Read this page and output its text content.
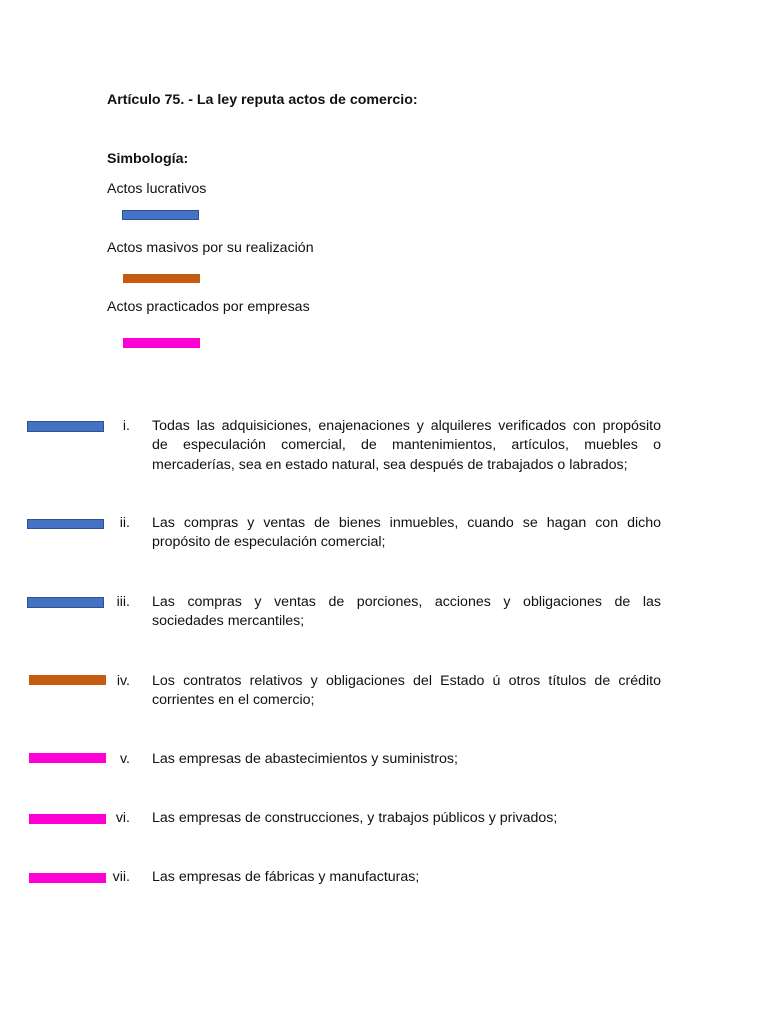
Artículo 75. - La ley reputa actos de comercio:
Simbología:
Actos lucrativos
Actos masivos por su realización
Actos practicados por empresas
i. Todas las adquisiciones, enajenaciones y alquileres verificados con propósito
de especulación comercial, de mantenimientos, artículos, muebles o
mercaderías, sea en estado natural, sea después de trabajados o labrados;
ii. Las compras y ventas de bienes inmuebles, cuando se hagan con dicho
propósito de especulación comercial;
iii. Las compras y ventas de porciones, acciones y obligaciones de las
sociedades mercantiles;
iv. Los contratos relativos y obligaciones del Estado ú otros títulos de crédito
corrientes en el comercio;
v. Las empresas de abastecimientos y suministros;
vi. Las empresas de construcciones, y trabajos públicos y privados;
vii. Las empresas de fábricas y manufacturas;
